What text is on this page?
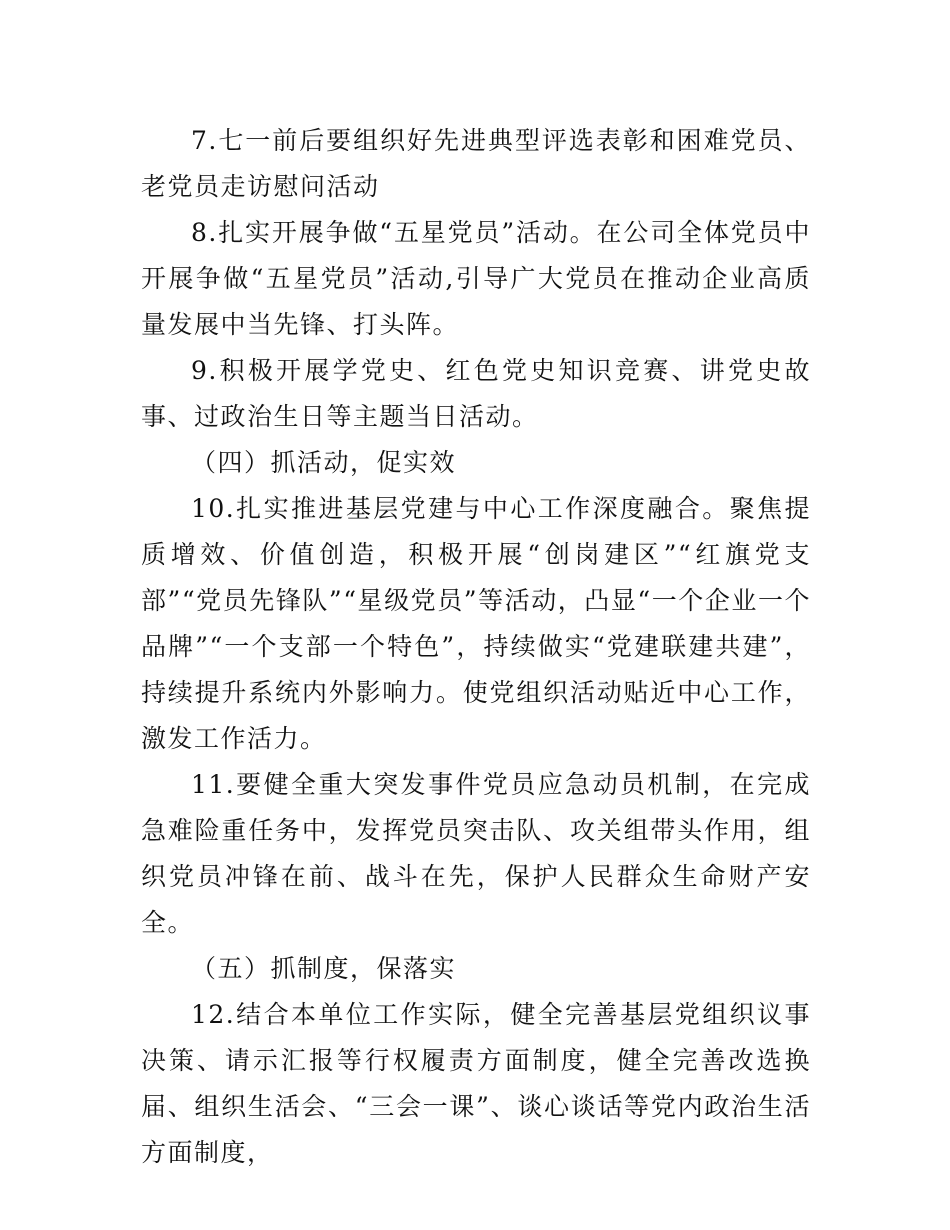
7.七一前后要组织好先进典型评选表彰和困难党员、老党员走访慰问活动

8.扎实开展争做“五星党员”活动。在公司全体党员中开展争做“五星党员”活动,引导广大党员在推动企业高质量发展中当先锋、打头阵。

9.积极开展学党史、红色党史知识竞赛、讲党史故事、过政治生日等主题当日活动。

（四）抓活动，促实效

10.扎实推进基层党建与中心工作深度融合。聚焦提质增效、价值创造，积极开展“创岗建区”“红旗党支部”“党员先锋队”“星级党员”等活动，凸显“一个企业一个品牌”“一个支部一个特色”，持续做实“党建联建共建”，持续提升系统内外影响力。使党组织活动贴近中心工作，激发工作活力。

11.要健全重大突发事件党员应急动员机制，在完成急难险重任务中，发挥党员突击队、攻关组带头作用，组织党员冲锋在前、战斗在先，保护人民群众生命财产安全。

（五）抓制度，保落实

12.结合本单位工作实际，健全完善基层党组织议事决策、请示汇报等行权履责方面制度，健全完善改选换届、组织生活会、“三会一课”、谈心谈话等党内政治生活方面制度，
